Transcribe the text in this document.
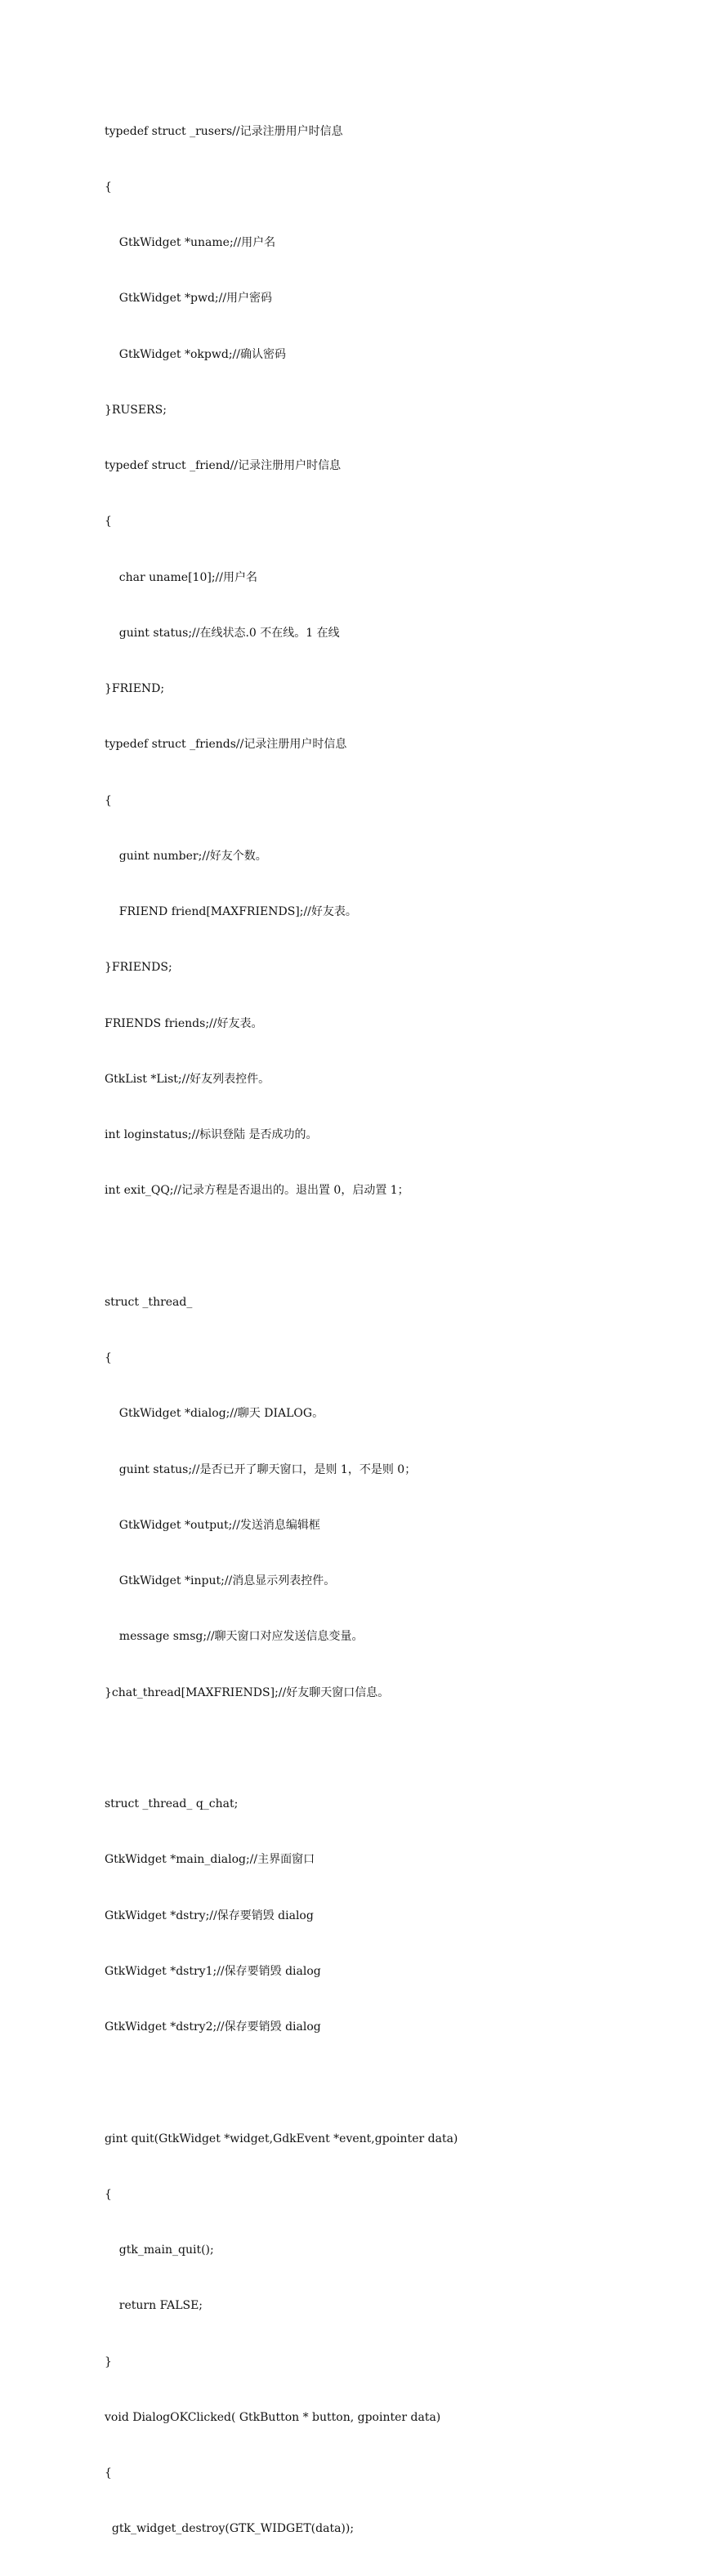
typedef struct _rusers//记录注册用户时信息

{

GtkWidget *uname;//用户名

GtkWidget *pwd;//用户密码

GtkWidget *okpwd;//确认密码

}RUSERS;

typedef struct _friend//记录注册用户时信息

{

char uname[10];//用户名

guint status;//在线状态.0 不在线。1 在线

}FRIEND;

typedef struct _friends//记录注册用户时信息

{

guint number;//好友个数。

FRIEND friend[MAXFRIENDS];//好友表。

}FRIENDS;

FRIENDS friends;//好友表。

GtkList *List;//好友列表控件。

int loginstatus;//标识登陆 是否成功的。

int exit_QQ;//记录方程是否退出的。退出置 0，启动置 1；

struct _thread_

{

GtkWidget *dialog;//聊天 DIALOG。

guint status;//是否已开了聊天窗口，是则 1，不是则 0；

GtkWidget *output;//发送消息编辑框

GtkWidget *input;//消息显示列表控件。

message smsg;//聊天窗口对应发送信息变量。

}chat_thread[MAXFRIENDS];//好友聊天窗口信息。

struct _thread_ q_chat;

GtkWidget *main_dialog;//主界面窗口

GtkWidget *dstry;//保存要销毁 dialog

GtkWidget *dstry1;//保存要销毁 dialog

GtkWidget *dstry2;//保存要销毁 dialog

gint quit(GtkWidget *widget,GdkEvent *event,gpointer data)

{

gtk_main_quit();

return FALSE;

}

void DialogOKClicked( GtkButton * button, gpointer data)

{

gtk_widget_destroy(GTK_WIDGET(data));
